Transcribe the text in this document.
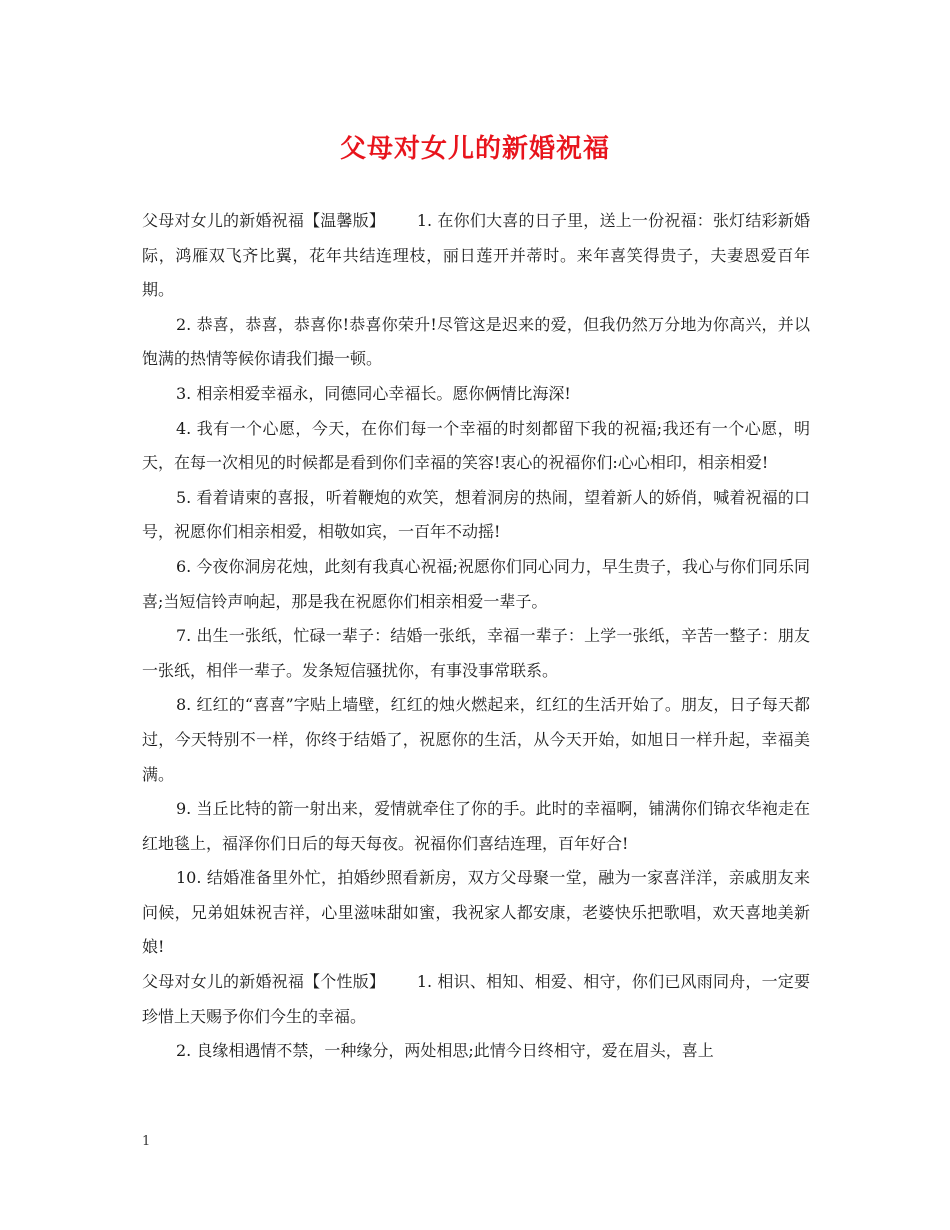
父母对女儿的新婚祝福

父母对女儿的新婚祝福【温馨版】 1. 在你们大喜的日子里，送上一份祝福：张灯结彩新婚际，鸿雁双飞齐比翼，花年共结连理枝，丽日莲开并蒂时。来年喜笑得贵子，夫妻恩爱百年期。

2. 恭喜，恭喜，恭喜你!恭喜你荣升!尽管这是迟来的爱，但我仍然万分地为你高兴，并以饱满的热情等候你请我们撮一顿。

3. 相亲相爱幸福永，同德同心幸福长。愿你俩情比海深!

4. 我有一个心愿，今天，在你们每一个幸福的时刻都留下我的祝福;我还有一个心愿，明天，在每一次相见的时候都是看到你们幸福的笑容!衷心的祝福你们:心心相印，相亲相爱!

5. 看着请柬的喜报，听着鞭炮的欢笑，想着洞房的热闹，望着新人的娇俏，喊着祝福的口号，祝愿你们相亲相爱，相敬如宾，一百年不动摇!

6. 今夜你洞房花烛，此刻有我真心祝福;祝愿你们同心同力，早生贵子，我心与你们同乐同喜;当短信铃声响起，那是我在祝愿你们相亲相爱一辈子。

7. 出生一张纸，忙碌一辈子：结婚一张纸，幸福一辈子：上学一张纸，辛苦一整子：朋友一张纸，相伴一辈子。发条短信骚扰你，有事没事常联系。

8. 红红的“喜喜”字贴上墙壁，红红的烛火燃起来，红红的生活开始了。朋友，日子每天都过，今天特别不一样，你终于结婚了，祝愿你的生活，从今天开始，如旭日一样升起，幸福美满。

9. 当丘比特的箭一射出来，爱情就牵住了你的手。此时的幸福啊，铺满你们锦衣华袍走在红地毯上，福泽你们日后的每天每夜。祝福你们喜结连理，百年好合!

10. 结婚准备里外忙，拍婚纱照看新房，双方父母聚一堂，融为一家喜洋洋，亲戚朋友来问候，兄弟姐妹祝吉祥，心里滋味甜如蜜，我祝家人都安康，老婆快乐把歌唱，欢天喜地美新娘!

父母对女儿的新婚祝福【个性版】 1. 相识、相知、相爱、相守，你们已风雨同舟，一定要珍惜上天赐予你们今生的幸福。

2. 良缘相遇情不禁，一种缘分，两处相思;此情今日终相守，爱在眉头，喜上

1
